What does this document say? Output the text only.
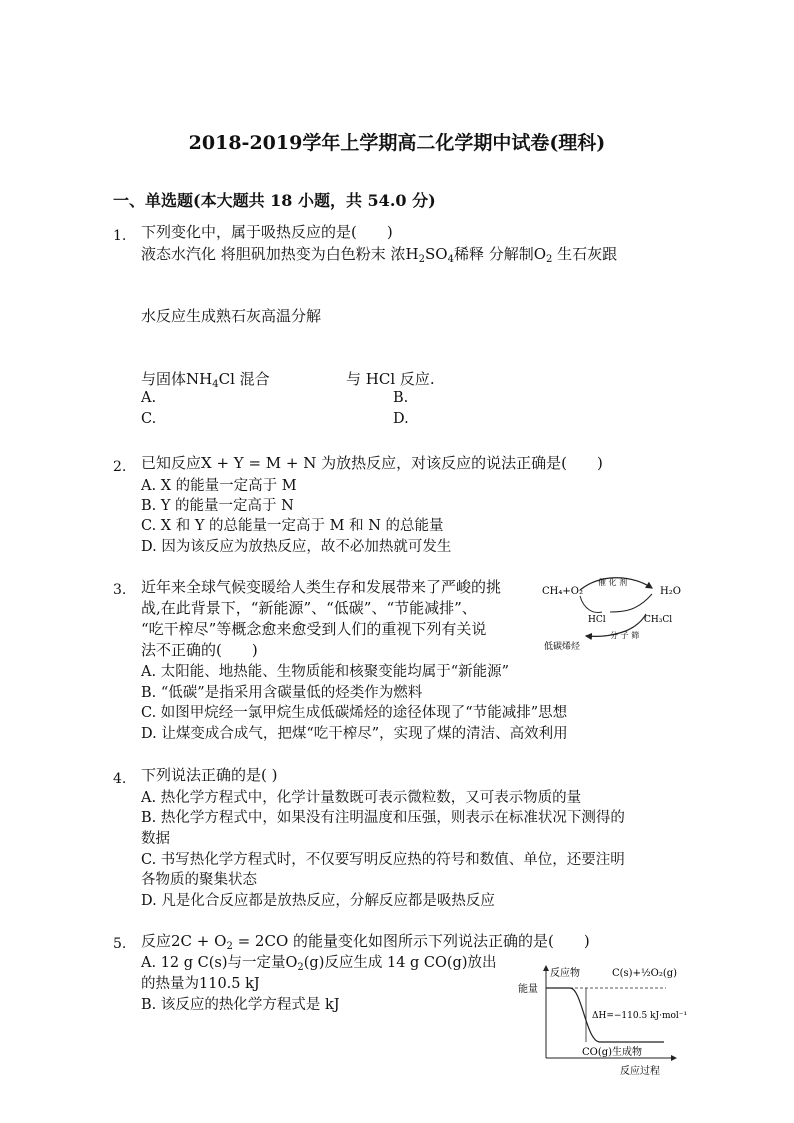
2018-2019学年上学期高二化学期中试卷(理科)
一、单选题(本大题共 18 小题，共 54.0 分)
1. 下列变化中，属于吸热反应的是( )
液态水汽化 将胆矾加热变为白色粉末 浓$H_2SO_4$稀释 分解制$O_2$ 生石灰跟
水反应生成熟石灰高温分解
与固体$NH_4Cl$ 混合	与 HCl 反应.
A.	B.
C.	D.
2. 已知反应X + Y = M + N 为放热反应，对该反应的说法正确是( )
A. X 的能量一定高于 M
B. Y 的能量一定高于 N
C. X 和 Y 的总能量一定高于 M 和 N 的总能量
D. 因为该反应为放热反应，故不必加热就可发生
3. 近年来全球气候变暖给人类生存和发展带来了严峻的挑
战,在此背景下，“新能源”、“低碳”、“节能减排”、
“吃干榨尽”等概念愈来愈受到人们的重视下列有关说
法不正确的( )
CH₄+O₂
催 化 剂
H₂O
HCl	CH₃Cl
分 子 筛
低碳烯烃
A. 太阳能、地热能、生物质能和核聚变能均属于“新能源”
B. “低碳”是指采用含碳量低的烃类作为燃料
C. 如图甲烷经一氯甲烷生成低碳烯烃的途径体现了“节能减排”思想
D. 让煤变成合成气，把煤“吃干榨尽”，实现了煤的清洁、高效利用
4. 下列说法正确的是( )
A. 热化学方程式中，化学计量数既可表示微粒数，又可表示物质的量
B. 热化学方程式中，如果没有注明温度和压强，则表示在标准状况下测得的
数据
C. 书写热化学方程式时，不仅要写明反应热的符号和数值、单位，还要注明
各物质的聚集状态
D. 凡是化合反应都是放热反应，分解反应都是吸热反应
5. 反应$2C + O_2 = 2CO$ 的能量变化如图所示下列说法正确的是( )
A. 12 g C(s)与一定量$O_2(g)$反应生成 14 g CO(g)放出
的热量为110.5 kJ
B. 该反应的热化学方程式是 kJ
反应物	C(s)+½O₂(g)
能量
ΔH=−110.5 kJ·mol⁻¹
CO(g)生成物
反应过程
